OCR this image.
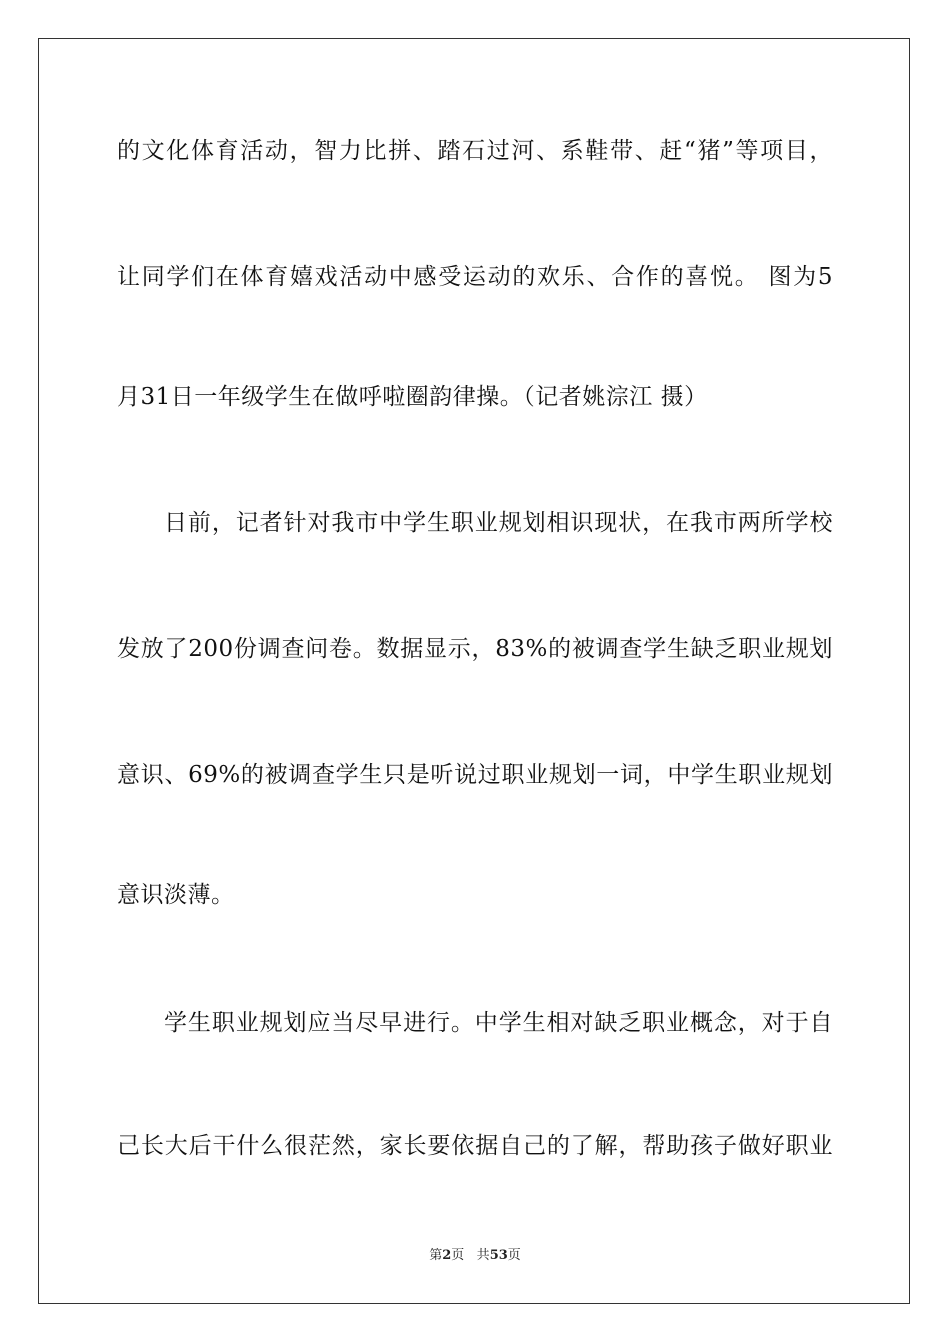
的文化体育活动，智力比拼、踏石过河、系鞋带、赶“猪”等项目，
让同学们在体育嬉戏活动中感受运动的欢乐、合作的喜悦。 图为5
月31日一年级学生在做呼啦圈韵律操。（记者姚淙江 摄）
日前，记者针对我市中学生职业规划相识现状，在我市两所学校
发放了200份调查问卷。数据显示，83%的被调查学生缺乏职业规划
意识、69%的被调查学生只是听说过职业规划一词，中学生职业规划
意识淡薄。
学生职业规划应当尽早进行。中学生相对缺乏职业概念，对于自
己长大后干什么很茫然，家长要依据自己的了解，帮助孩子做好职业
第2页 共53页
